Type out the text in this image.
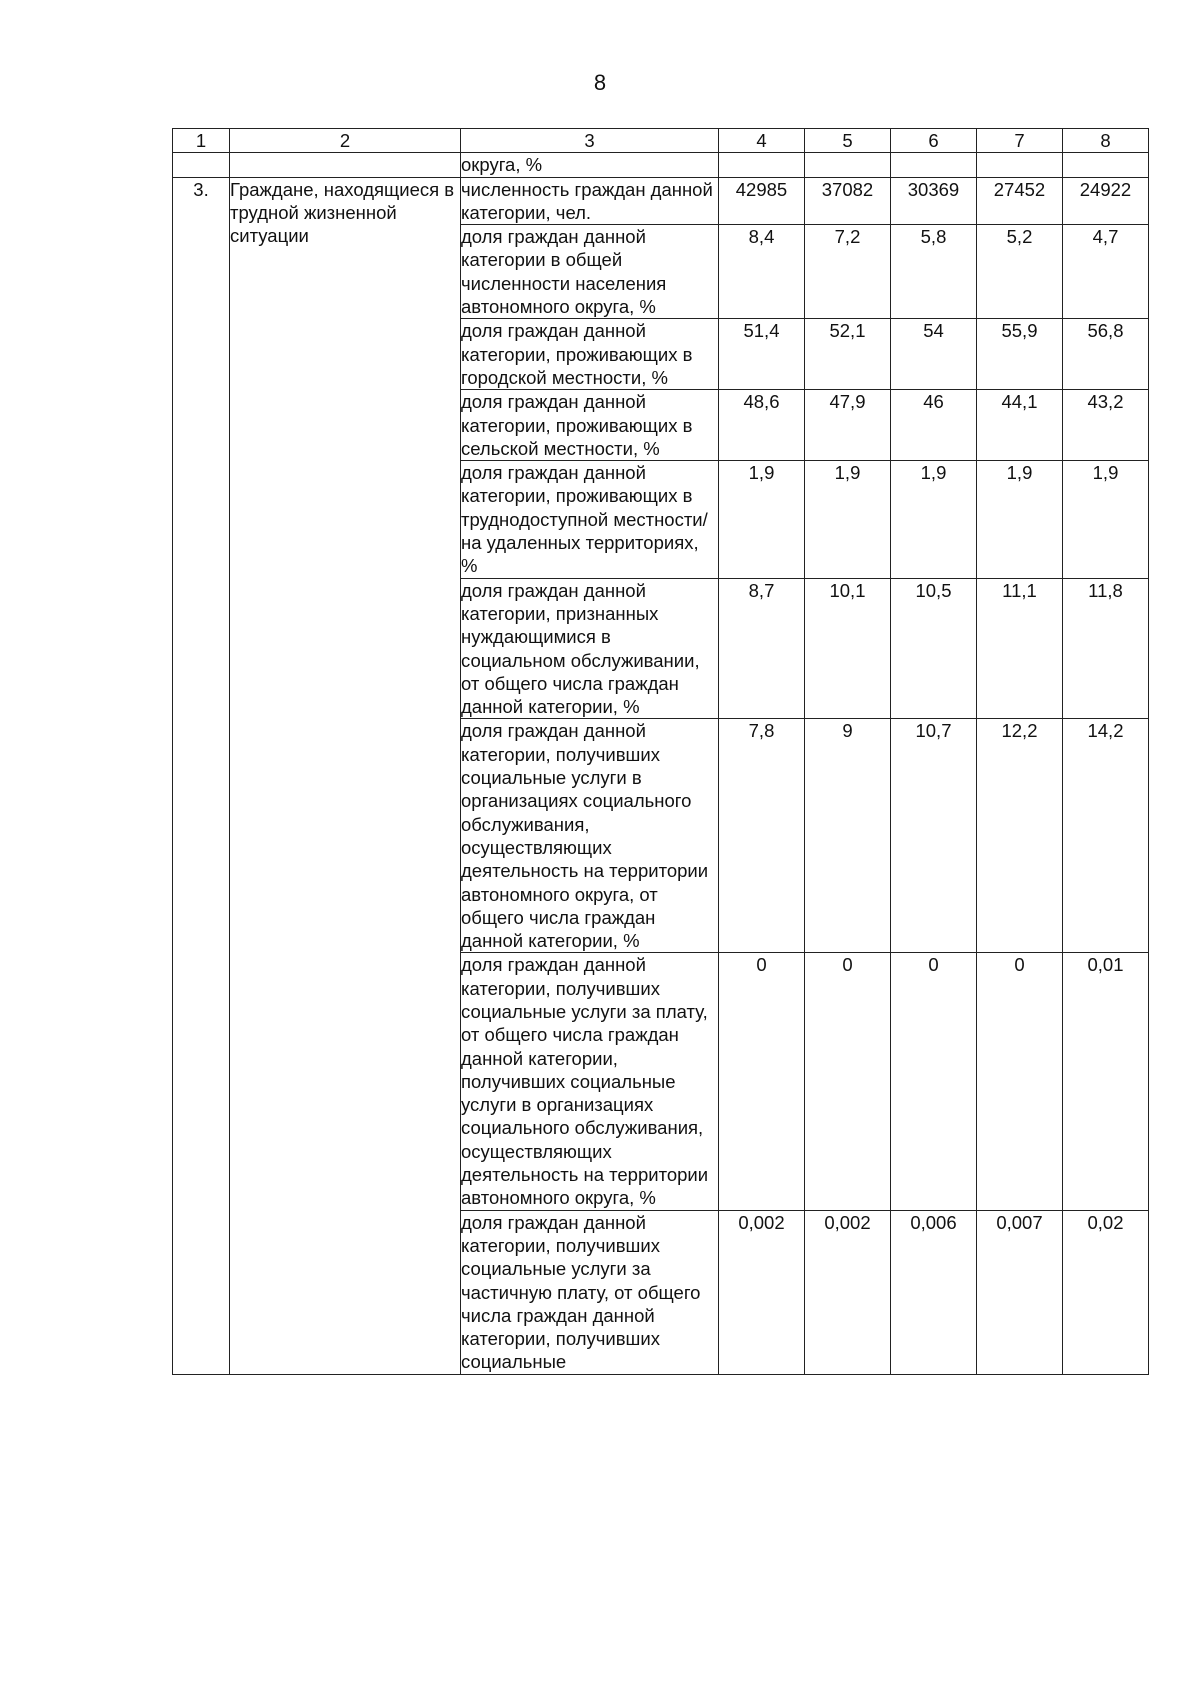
8
1	2	3	4	5	6	7	8
		округа, %					
3.	Граждане, находящиеся в трудной жизненной ситуации	численность граждан данной категории, чел.	42985	37082	30369	27452	24922
		доля граждан данной категории в общей численности населения автономного округа, %	8,4	7,2	5,8	5,2	4,7
		доля граждан данной категории, проживающих в городской местности, %	51,4	52,1	54	55,9	56,8
		доля граждан данной категории, проживающих в сельской местности, %	48,6	47,9	46	44,1	43,2
		доля граждан данной категории, проживающих в труднодоступной местности/на удаленных территориях, %	1,9	1,9	1,9	1,9	1,9
		доля граждан данной категории, признанных нуждающимися в социальном обслуживании, от общего числа граждан данной категории, %	8,7	10,1	10,5	11,1	11,8
		доля граждан данной категории, получивших социальные услуги в организациях социального обслуживания, осуществляющих деятельность на территории автономного округа, от общего числа граждан данной категории, %	7,8	9	10,7	12,2	14,2
		доля граждан данной категории, получивших социальные услуги за плату, от общего числа граждан данной категории, получивших социальные услуги в организациях социального обслуживания, осуществляющих деятельность на территории автономного округа, %	0	0	0	0	0,01
		доля граждан данной категории, получивших социальные услуги за частичную плату, от общего числа граждан данной категории, получивших социальные	0,002	0,002	0,006	0,007	0,02
